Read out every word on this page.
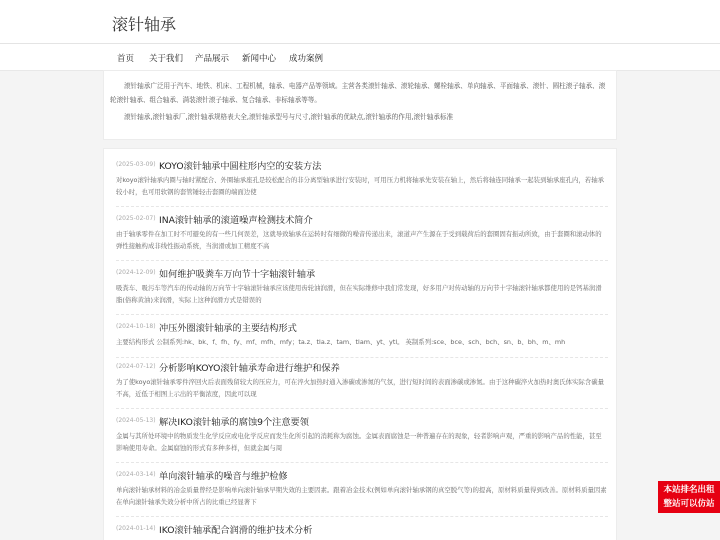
滚针轴承
首页 关于我们 产品展示 新闻中心 成功案例

滚针轴承广泛用于汽车、地铁、机床、工程机械，轴承、电器产品等领域。主营各类滚针轴承、滚轮轴承、螺栓轴承、单向轴承、平面轴承、滚针、圆柱滚子轴承、滚轮滚针轴承、组合轴承、满装滚针滚子轴承、复合轴承、非标轴承等等。

滚针轴承,滚针轴承厂,滚针轴承规格表大全,滚针轴承型号与尺寸,滚针轴承的优缺点,滚针轴承的作用,滚针轴承标准

(2025-03-09) KOYO滚针轴承中圆柱形内空的安装方法
对koyo滚针轴承内圈与轴时紧配合、外圈轴承座孔是较松配合的非分离型轴承进行安装时，可用压力机将轴承先安装在轴上，然后将轴连同轴承一起装到轴承座孔内，若轴承较小时，也可用软钢的套管锤轻击套圈的端面边使
(2025-02-07) INA滚针轴承的滚道噪声检测技术简介
由于轴承零件在加工时不可避免的有一些几何误差，这就导致轴承在运转时有细微的噪音传递出来，滚道声产生源在于受到载荷后的套圈固有振动所致，由于套圈和滚动体的弹性接触构成非线性振动系统，当润滑或加工精度不高
(2024-12-09) 如何维护吸粪车万向节十字轴滚针轴承
吸粪车、吸污车等汽车的传动轴的万向节十字轴滚针轴承应该使用齿轮油润滑，但在实际维修中我们常发现，好多用户对传动轴的万向节十字轴滚针轴承都使用的是钙基润滑脂(俗称黄油)来润滑，实际上这种润滑方式是错误的
(2024-10-18) 冲压外圈滚针轴承的主要结构形式
主要结构形式 公制系列:hk、bk、f、fh、fy、mf、mfh、mfy；ta.z、tla.z、tam、tlam、yt、ytl。 英制系列:sce、bce、sch、bch、sn、b、bh、m、mh
(2024-07-12) 分析影响KOYO滚针轴承寿命进行维护和保养
为了使koyo滚针轴承零件淬回火后表面残留较大的压应力，可在淬火加热时通入渗碳或渗氮的气氛，进行短时间的表面渗碳或渗氮。由于这种碳淬火加热时奥氏体实际含碳量不高，近低于相图上示出的平衡浓度，因此可以现
(2024-05-13) 解决IKO滚针轴承的腐蚀9个注意要领
金属与其所处环境中的物质发生化学反应或电化学反应而发生化所引起的消耗称为腐蚀。金属表面腐蚀是一种普遍存在的现象，轻者影响声观，严重的影响产品的性能，甚至影响使用寿命。金属腐蚀的形式有多种多样，但就金属与周
(2024-03-14) 单向滚针轴承的噪音与维护检修
单向滚针轴承材料的冶金质量曾经是影响单向滚针轴承早期失效的主要因素。跟着冶金技术(例如单向滚针轴承钢的真空脱气等)的提高，原材料质量得到改善。原材料质量因素在单向滚针轴承失效分析中所占的比重已经显著下
(2024-01-14) IKO滚针轴承配合润滑的维护技术分析
本站排名出租
整站可以仿站
